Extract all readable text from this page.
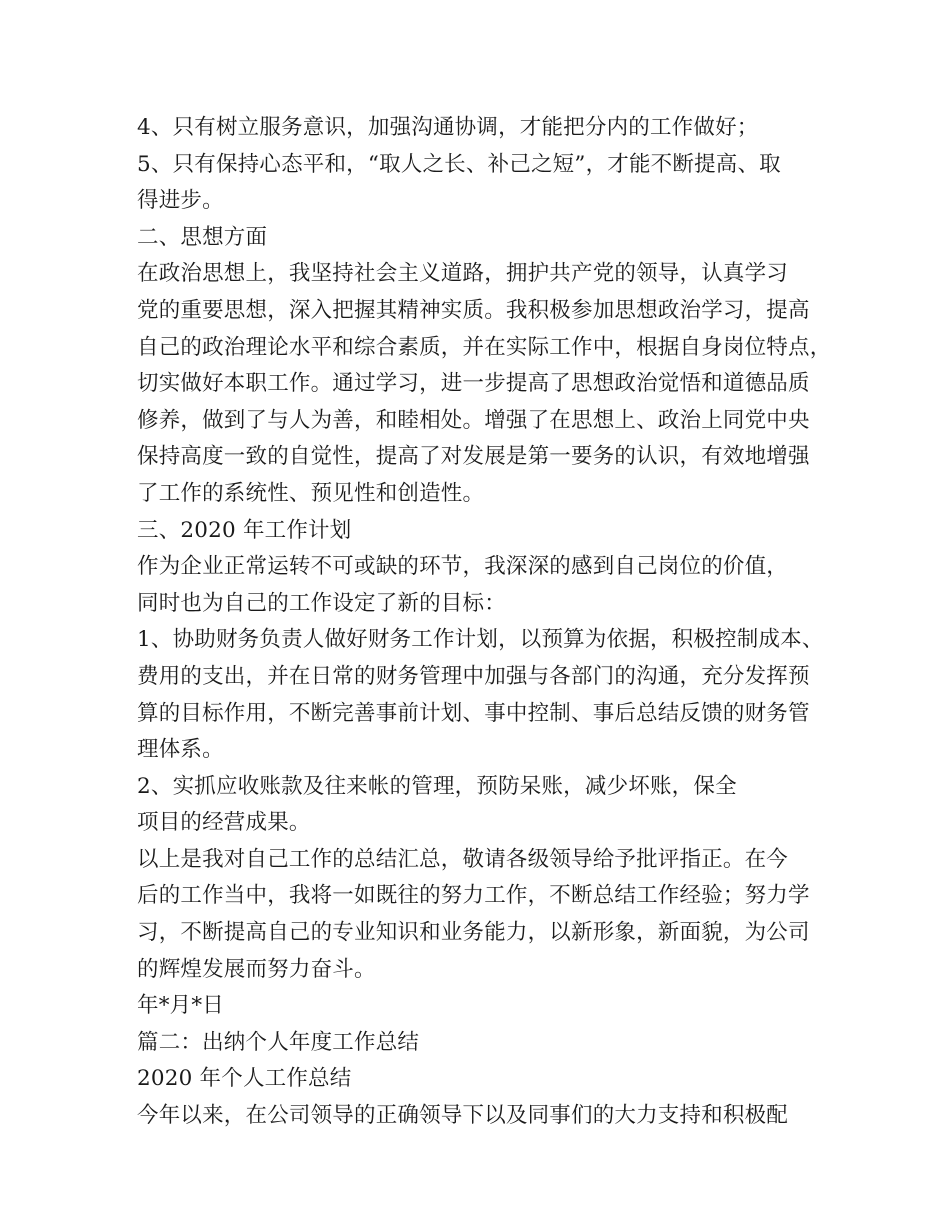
4、只有树立服务意识，加强沟通协调，才能把分内的工作做好；
5、只有保持心态平和，“取人之长、补己之短”，才能不断提高、取
得进步。
二、思想方面
在政治思想上，我坚持社会主义道路，拥护共产党的领导，认真学习
党的重要思想，深入把握其精神实质。我积极参加思想政治学习，提高
自己的政治理论水平和综合素质，并在实际工作中，根据自身岗位特点，
切实做好本职工作。通过学习，进一步提高了思想政治觉悟和道德品质
修养，做到了与人为善，和睦相处。增强了在思想上、政治上同党中央
保持高度一致的自觉性，提高了对发展是第一要务的认识，有效地增强
了工作的系统性、预见性和创造性。
三、2020 年工作计划
作为企业正常运转不可或缺的环节，我深深的感到自己岗位的价值，
同时也为自己的工作设定了新的目标：
1、协助财务负责人做好财务工作计划，以预算为依据，积极控制成本、
费用的支出，并在日常的财务管理中加强与各部门的沟通，充分发挥预
算的目标作用，不断完善事前计划、事中控制、事后总结反馈的财务管
理体系。
2、实抓应收账款及往来帐的管理，预防呆账，减少坏账，保全
项目的经营成果。
以上是我对自己工作的总结汇总，敬请各级领导给予批评指正。在今
后的工作当中，我将一如既往的努力工作，不断总结工作经验；努力学
习，不断提高自己的专业知识和业务能力，以新形象，新面貌，为公司
的辉煌发展而努力奋斗。
年*月*日
篇二：出纳个人年度工作总结
2020 年个人工作总结
今年以来，在公司领导的正确领导下以及同事们的大力支持和积极配
